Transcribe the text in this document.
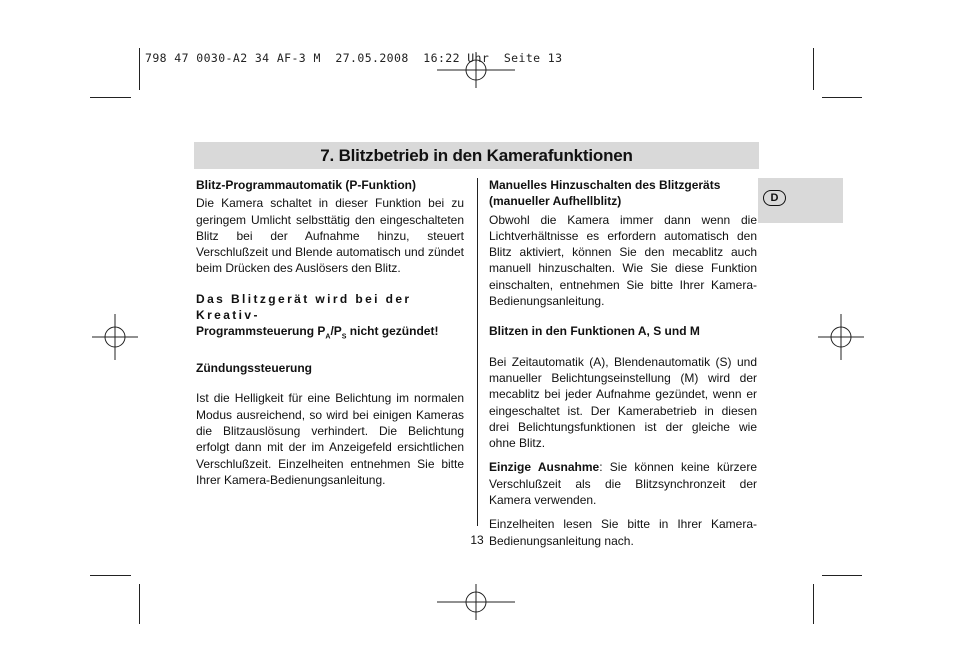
798 47 0030-A2 34 AF-3 M  27.05.2008  16:22 Uhr  Seite 13
7. Blitzbetrieb in den Kamerafunktionen
D

Blitz-Programmautomatik (P-Funktion)

Die Kamera schaltet in dieser Funktion bei zu geringem Umlicht selbsttätig den eingeschalteten Blitz bei der Aufnahme hinzu, steuert Verschlußzeit und Blende automatisch und zündet beim Drücken des Auslösers den Blitz.

Das Blitzgerät wird bei der Kreativ-

Programmsteuerung $P_A/P_S$ nicht gezündet!

Zündungssteuerung

Ist die Helligkeit für eine Belichtung im normalen Modus ausreichend, so wird bei einigen Kameras die Blitzauslösung verhindert. Die Belichtung erfolgt dann mit der im Anzeigefeld ersichtlichen Verschlußzeit. Einzelheiten entnehmen Sie bitte Ihrer Kamera-Bedienungsanleitung.

Manuelles Hinzuschalten des Blitzgeräts (manueller Aufhellblitz)

Obwohl die Kamera immer dann wenn die Lichtverhältnisse es erfordern automatisch den Blitz aktiviert, können Sie den mecablitz auch manuell hinzuschalten. Wie Sie diese Funktion einschalten, entnehmen Sie bitte Ihrer Kamera-Bedienungsanleitung.

Blitzen in den Funktionen A, S und M

Bei Zeitautomatik (A), Blendenautomatik (S) und manueller Belichtungseinstellung (M) wird der mecablitz bei jeder Aufnahme gezündet, wenn er eingeschaltet ist. Der Kamerabetrieb in diesen drei Belichtungsfunktionen ist der gleiche wie ohne Blitz.

Einzige Ausnahme: Sie können keine kürzere Verschlußzeit als die Blitzsynchronzeit der Kamera verwenden.

Einzelheiten lesen Sie bitte in Ihrer Kamera-Bedienungsanleitung nach.

13
